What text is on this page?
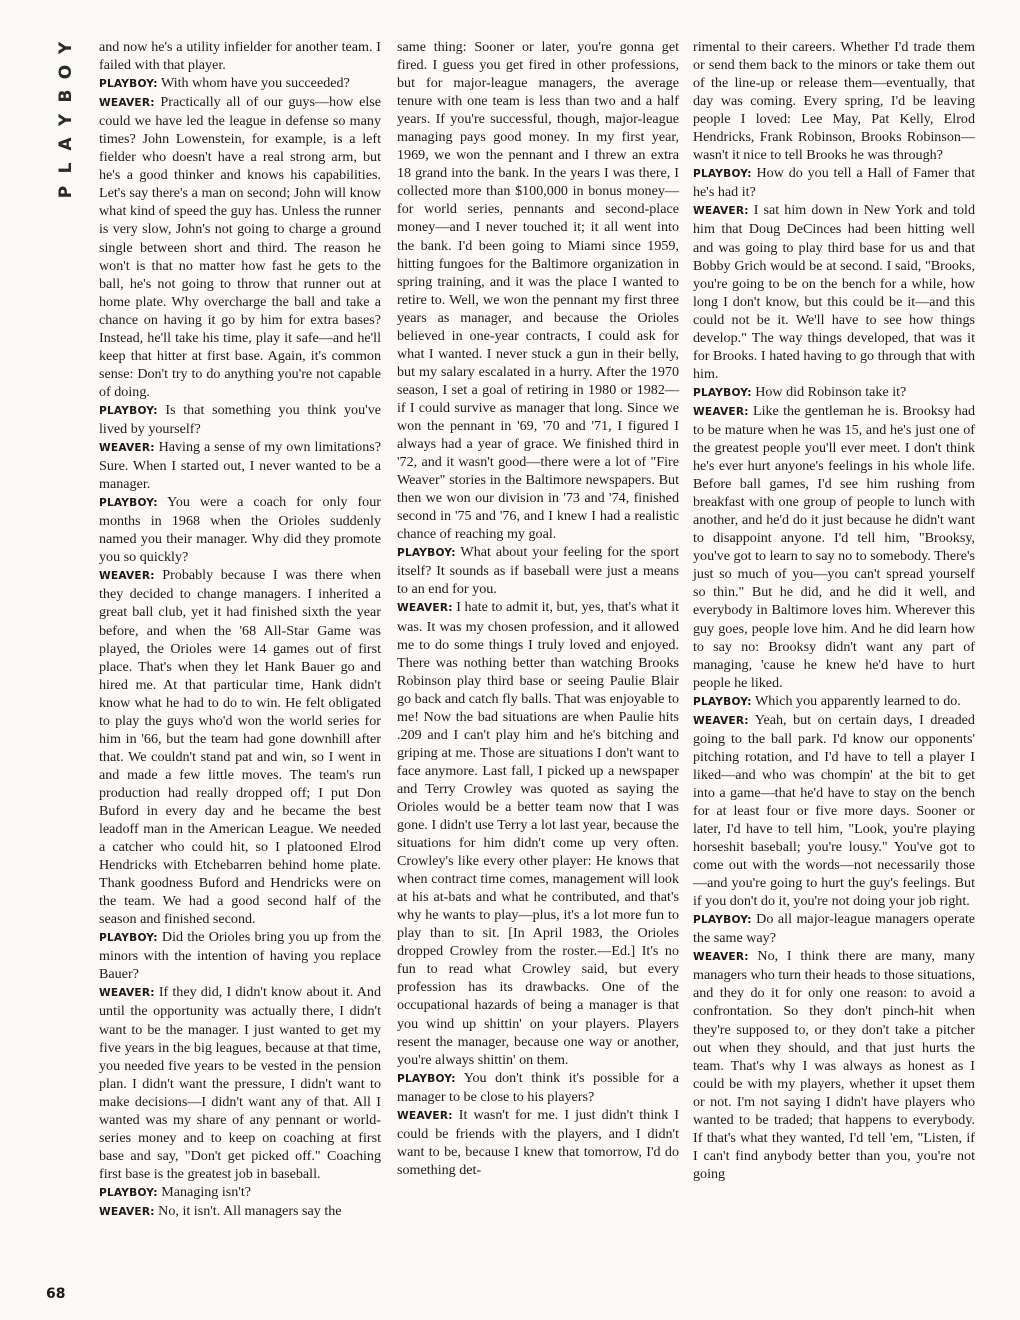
Y
O
B
Y
A
L
P
68

and now he's a utility infielder for another team. I failed with that player.

PLAYBOY: With whom have you succeeded?

WEAVER: Practically all of our guys—how else could we have led the league in defense so many times? John Lowenstein, for example, is a left fielder who doesn't have a real strong arm, but he's a good thinker and knows his capabilities. Let's say there's a man on second; John will know what kind of speed the guy has. Unless the runner is very slow, John's not going to charge a ground single between short and third. The reason he won't is that no matter how fast he gets to the ball, he's not going to throw that runner out at home plate. Why overcharge the ball and take a chance on having it go by him for extra bases? Instead, he'll take his time, play it safe—and he'll keep that hitter at first base. Again, it's common sense: Don't try to do anything you're not capable of doing.

PLAYBOY: Is that something you think you've lived by yourself?

WEAVER: Having a sense of my own limitations? Sure. When I started out, I never wanted to be a manager.

PLAYBOY: You were a coach for only four months in 1968 when the Orioles suddenly named you their manager. Why did they promote you so quickly?

WEAVER: Probably because I was there when they decided to change managers. I inherited a great ball club, yet it had finished sixth the year before, and when the '68 All-Star Game was played, the Orioles were 14 games out of first place. That's when they let Hank Bauer go and hired me. At that particular time, Hank didn't know what he had to do to win. He felt obligated to play the guys who'd won the world series for him in '66, but the team had gone downhill after that. We couldn't stand pat and win, so I went in and made a few little moves. The team's run production had really dropped off; I put Don Buford in every day and he became the best leadoff man in the American League. We needed a catcher who could hit, so I platooned Elrod Hendricks with Etchebarren behind home plate. Thank goodness Buford and Hendricks were on the team. We had a good second half of the season and finished second.

PLAYBOY: Did the Orioles bring you up from the minors with the intention of having you replace Bauer?

WEAVER: If they did, I didn't know about it. And until the opportunity was actually there, I didn't want to be the manager. I just wanted to get my five years in the big leagues, because at that time, you needed five years to be vested in the pension plan. I didn't want the pressure, I didn't want to make decisions—I didn't want any of that. All I wanted was my share of any pennant or world-series money and to keep on coaching at first base and say, "Don't get picked off." Coaching first base is the greatest job in baseball.

PLAYBOY: Managing isn't?

WEAVER: No, it isn't. All managers say the

same thing: Sooner or later, you're gonna get fired. I guess you get fired in other professions, but for major-league managers, the average tenure with one team is less than two and a half years. If you're successful, though, major-league managing pays good money. In my first year, 1969, we won the pennant and I threw an extra 18 grand into the bank. In the years I was there, I collected more than $100,000 in bonus money—for world series, pennants and second-place money—and I never touched it; it all went into the bank. I'd been going to Miami since 1959, hitting fungoes for the Baltimore organization in spring training, and it was the place I wanted to retire to. Well, we won the pennant my first three years as manager, and because the Orioles believed in one-year contracts, I could ask for what I wanted. I never stuck a gun in their belly, but my salary escalated in a hurry. After the 1970 season, I set a goal of retiring in 1980 or 1982—if I could survive as manager that long. Since we won the pennant in '69, '70 and '71, I figured I always had a year of grace. We finished third in '72, and it wasn't good—there were a lot of "Fire Weaver" stories in the Baltimore newspapers. But then we won our division in '73 and '74, finished second in '75 and '76, and I knew I had a realistic chance of reaching my goal.

PLAYBOY: What about your feeling for the sport itself? It sounds as if baseball were just a means to an end for you.

WEAVER: I hate to admit it, but, yes, that's what it was. It was my chosen profession, and it allowed me to do some things I truly loved and enjoyed. There was nothing better than watching Brooks Robinson play third base or seeing Paulie Blair go back and catch fly balls. That was enjoyable to me! Now the bad situations are when Paulie hits .209 and I can't play him and he's bitching and griping at me. Those are situations I don't want to face anymore. Last fall, I picked up a newspaper and Terry Crowley was quoted as saying the Orioles would be a better team now that I was gone. I didn't use Terry a lot last year, because the situations for him didn't come up very often. Crowley's like every other player: He knows that when contract time comes, management will look at his at-bats and what he contributed, and that's why he wants to play—plus, it's a lot more fun to play than to sit. [In April 1983, the Orioles dropped Crowley from the roster.—Ed.] It's no fun to read what Crowley said, but every profession has its drawbacks. One of the occupational hazards of being a manager is that you wind up shittin' on your players. Players resent the manager, because one way or another, you're always shittin' on them.

PLAYBOY: You don't think it's possible for a manager to be close to his players?

WEAVER: It wasn't for me. I just didn't think I could be friends with the players, and I didn't want to be, because I knew that tomorrow, I'd do something det-

rimental to their careers. Whether I'd trade them or send them back to the minors or take them out of the line-up or release them—eventually, that day was coming. Every spring, I'd be leaving people I loved: Lee May, Pat Kelly, Elrod Hendricks, Frank Robinson, Brooks Robinson—wasn't it nice to tell Brooks he was through?

PLAYBOY: How do you tell a Hall of Famer that he's had it?

WEAVER: I sat him down in New York and told him that Doug DeCinces had been hitting well and was going to play third base for us and that Bobby Grich would be at second. I said, "Brooks, you're going to be on the bench for a while, how long I don't know, but this could be it—and this could not be it. We'll have to see how things develop." The way things developed, that was it for Brooks. I hated having to go through that with him.

PLAYBOY: How did Robinson take it?

WEAVER: Like the gentleman he is. Brooksy had to be mature when he was 15, and he's just one of the greatest people you'll ever meet. I don't think he's ever hurt anyone's feelings in his whole life. Before ball games, I'd see him rushing from breakfast with one group of people to lunch with another, and he'd do it just because he didn't want to disappoint anyone. I'd tell him, "Brooksy, you've got to learn to say no to somebody. There's just so much of you—you can't spread yourself so thin." But he did, and he did it well, and everybody in Baltimore loves him. Wherever this guy goes, people love him. And he did learn how to say no: Brooksy didn't want any part of managing, 'cause he knew he'd have to hurt people he liked.

PLAYBOY: Which you apparently learned to do.

WEAVER: Yeah, but on certain days, I dreaded going to the ball park. I'd know our opponents' pitching rotation, and I'd have to tell a player I liked—and who was chompin' at the bit to get into a game—that he'd have to stay on the bench for at least four or five more days. Sooner or later, I'd have to tell him, "Look, you're playing horseshit baseball; you're lousy." You've got to come out with the words—not necessarily those—and you're going to hurt the guy's feelings. But if you don't do it, you're not doing your job right.

PLAYBOY: Do all major-league managers operate the same way?

WEAVER: No, I think there are many, many managers who turn their heads to those situations, and they do it for only one reason: to avoid a confrontation. So they don't pinch-hit when they're supposed to, or they don't take a pitcher out when they should, and that just hurts the team. That's why I was always as honest as I could be with my players, whether it upset them or not. I'm not saying I didn't have players who wanted to be traded; that happens to everybody. If that's what they wanted, I'd tell 'em, "Listen, if I can't find anybody better than you, you're not going
